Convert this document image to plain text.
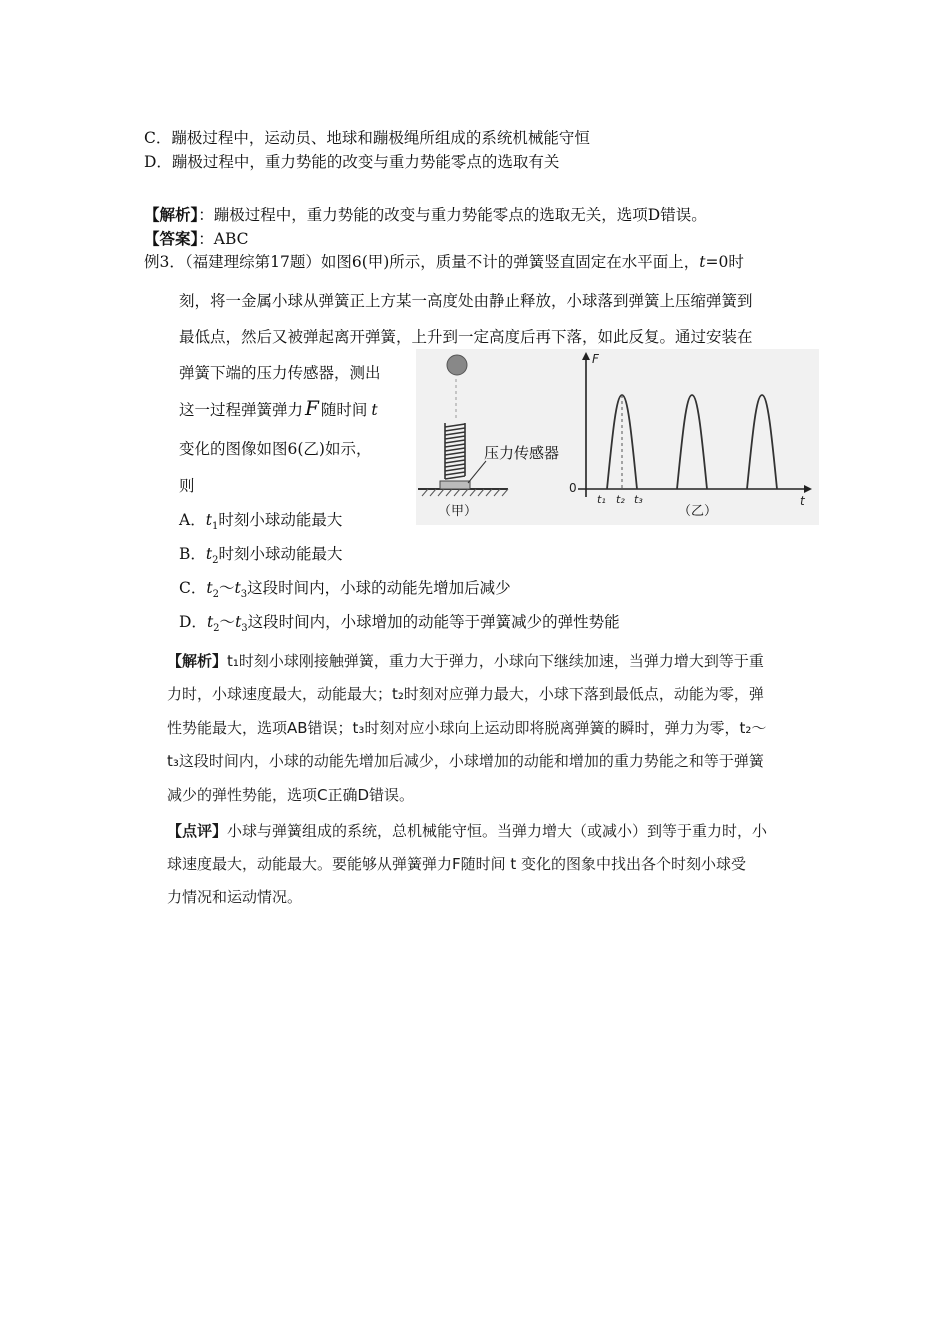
C．蹦极过程中，运动员、地球和蹦极绳所组成的系统机械能守恒
D．蹦极过程中，重力势能的改变与重力势能零点的选取有关
【解析】：蹦极过程中，重力势能的改变与重力势能零点的选取无关，选项D错误。
【答案】：ABC
例3．（福建理综第17题）如图6(甲)所示，质量不计的弹簧竖直固定在水平面上，t=0时
刻，将一金属小球从弹簧正上方某一高度处由静止释放，小球落到弹簧上压缩弹簧到
最低点，然后又被弹起离开弹簧，上升到一定高度后再下落，如此反复。通过安装在
弹簧下端的压力传感器，测出
这一过程弹簧弹力 F 随时间 t
变化的图像如图6(乙)如示，
则
A．$t_1$时刻小球动能最大
B．$t_2$时刻小球动能最大
C．$t_2\sim t_3$这段时间内，小球的动能先增加后减少
D．$t_2\sim t_3$这段时间内，小球增加的动能等于弹簧减少的弹性势能
压力传感器
（甲）
F
t
0
t₁ t₂ t₃
（乙）
【解析】t₁时刻小球刚接触弹簧，重力大于弹力，小球向下继续加速，当弹力增大到等于重
力时，小球速度最大，动能最大；t₂时刻对应弹力最大，小球下落到最低点，动能为零，弹
性势能最大，选项AB错误；t₃时刻对应小球向上运动即将脱离弹簧的瞬时，弹力为零，t₂～
t₃这段时间内，小球的动能先增加后减少，小球增加的动能和增加的重力势能之和等于弹簧
减少的弹性势能，选项C正确D错误。
【点评】小球与弹簧组成的系统，总机械能守恒。当弹力增大（或减小）到等于重力时，小
球速度最大，动能最大。要能够从弹簧弹力F随时间 t 变化的图象中找出各个时刻小球受
力情况和运动情况。
